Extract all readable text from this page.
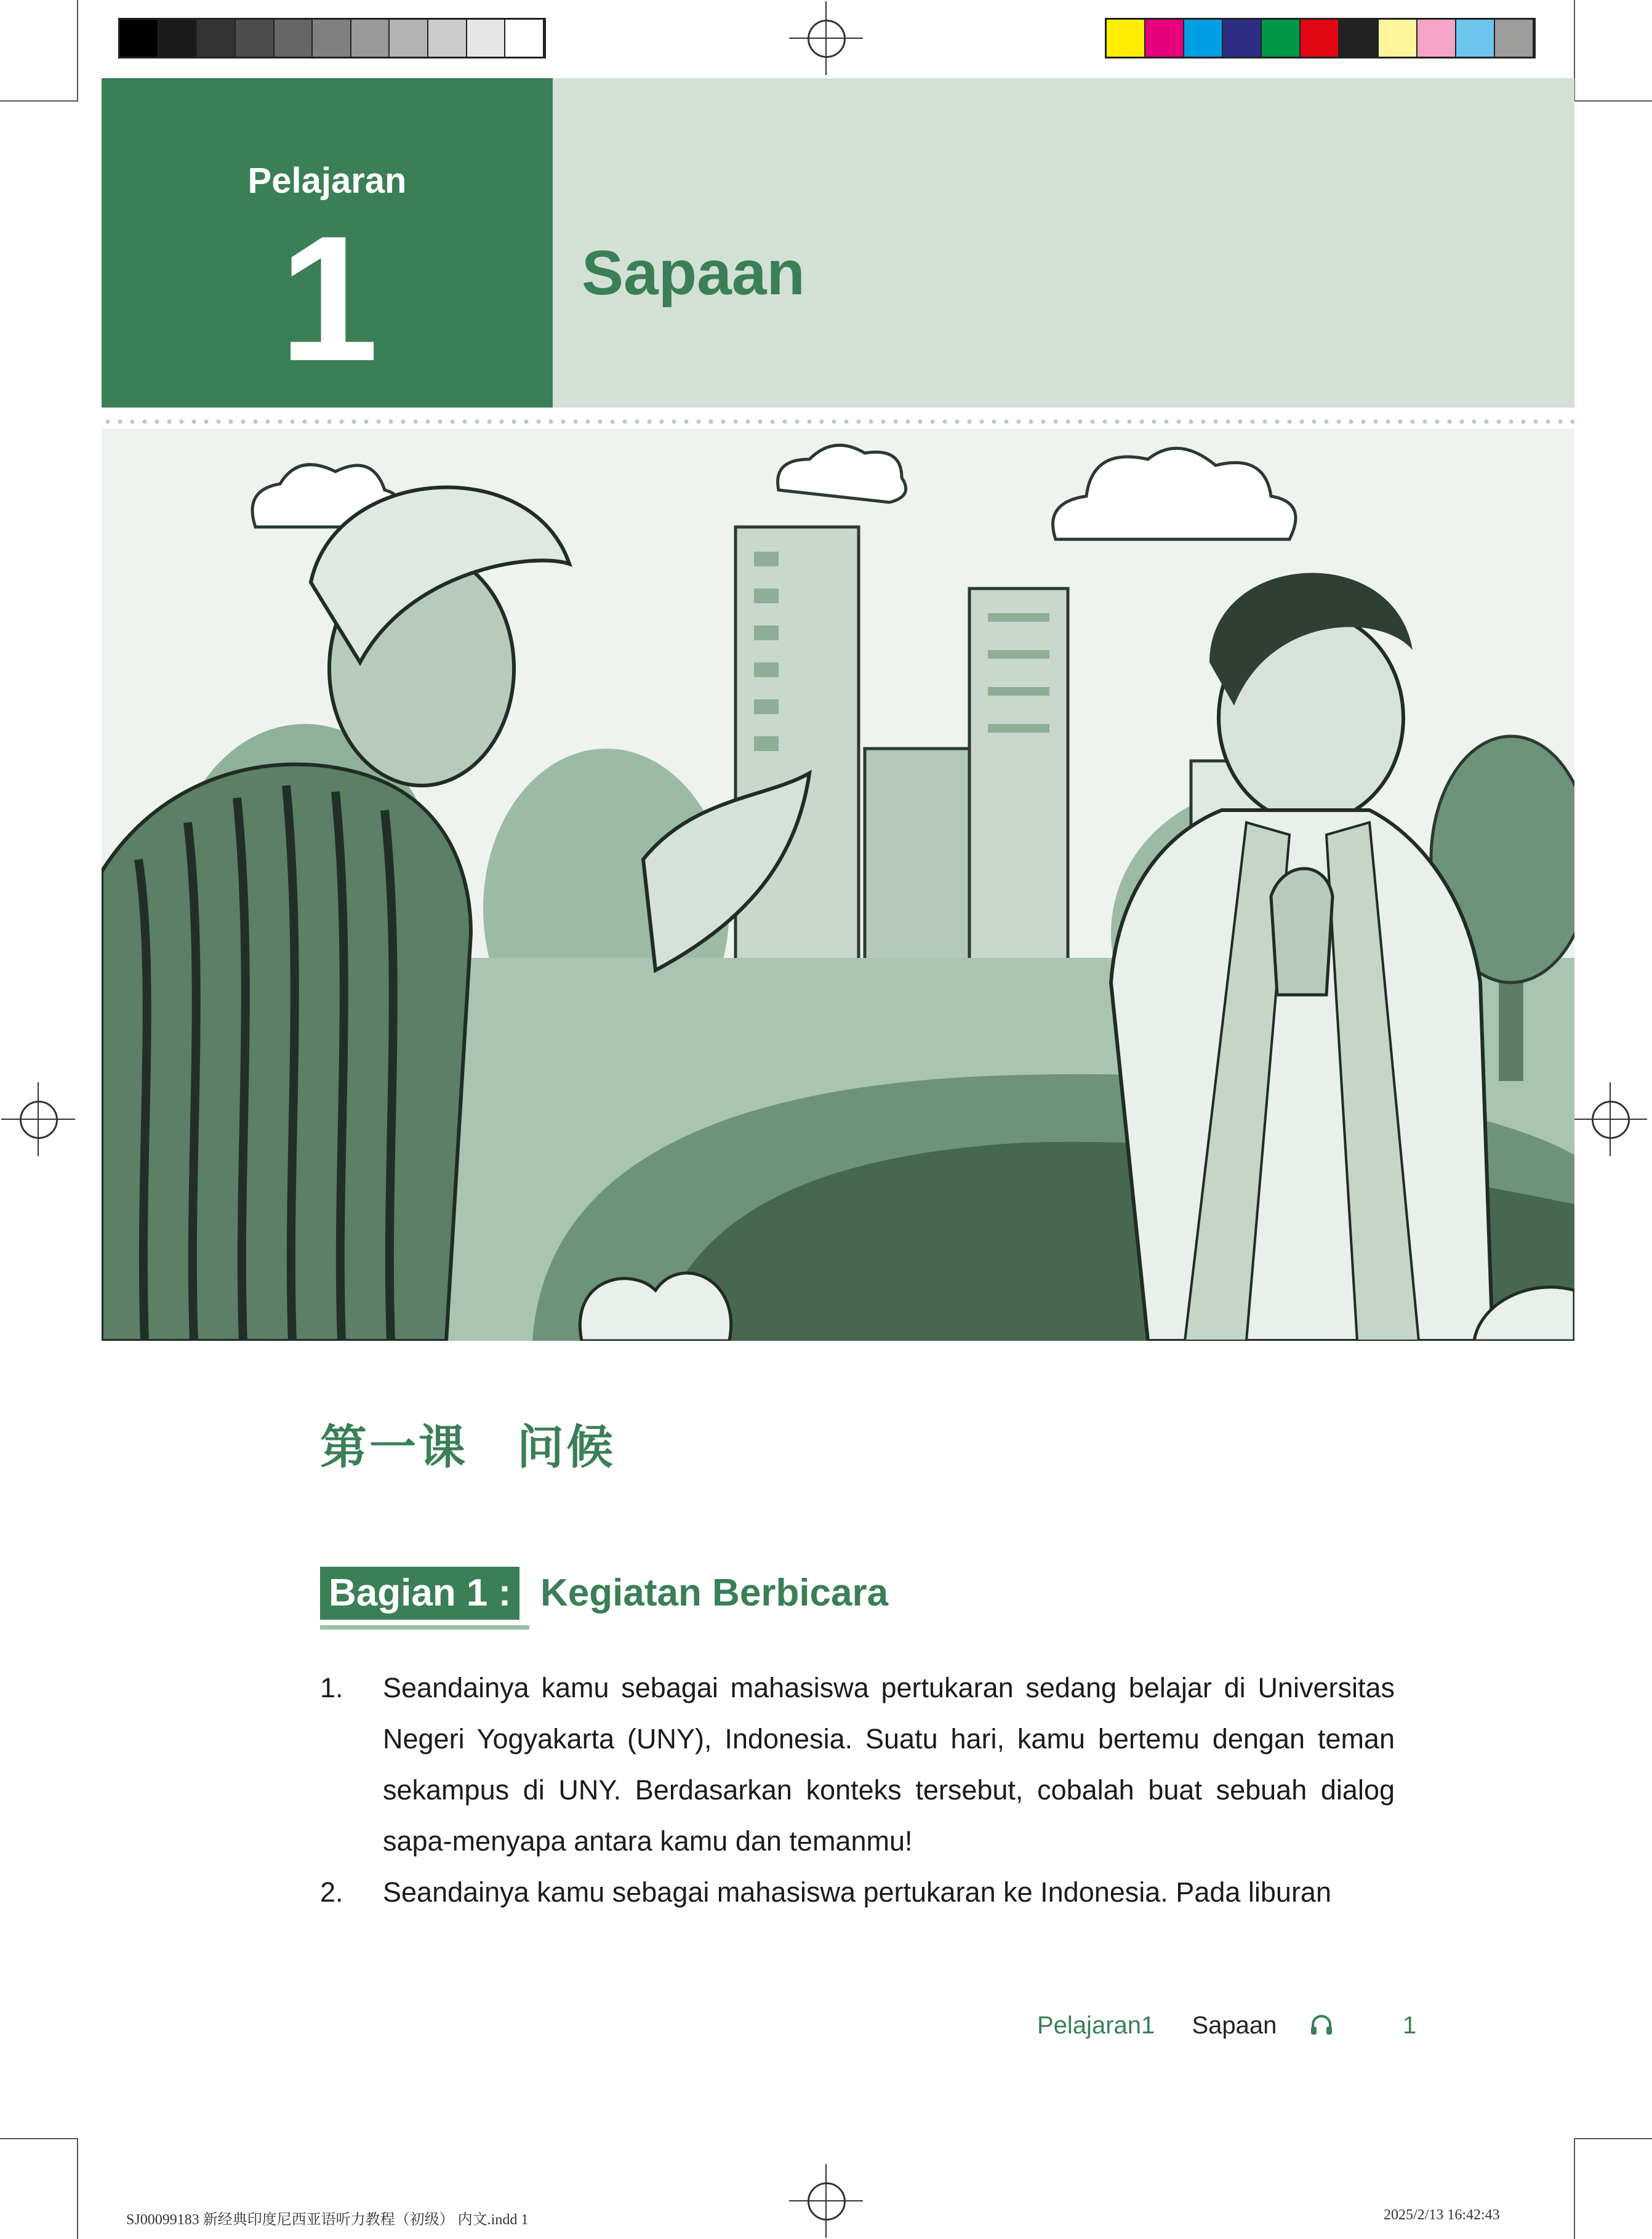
Pelajaran
1	Sapaan
第一课　问候
Bagian 1 : Kegiatan Berbicara
1. Seandainya kamu sebagai mahasiswa pertukaran sedang belajar di Universitas Negeri Yogyakarta (UNY), Indonesia. Suatu hari, kamu bertemu dengan teman sekampus di UNY. Berdasarkan konteks tersebut, cobalah buat sebuah dialog sapa-menyapa antara kamu dan temanmu!
2. Seandainya kamu sebagai mahasiswa pertukaran ke Indonesia. Pada liburan
Pelajaran1 Sapaan	1
SJ00099183 新经典印度尼西亚语听力教程（初级） 内文.indd 1	2025/2/13 16:42:43
